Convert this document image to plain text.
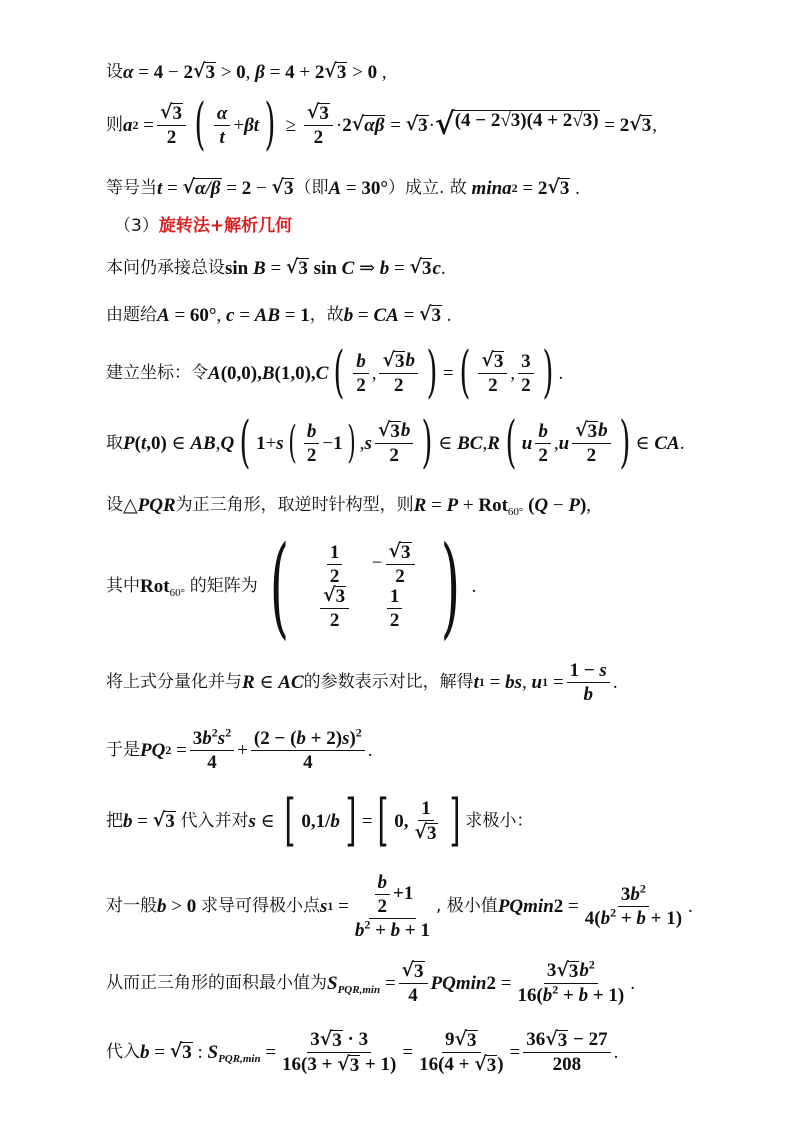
设 α = 4 − 2 √ 3 > 0 , β = 4 + 2 √ 3 > 0 ,
则 a $2 = \frac{√ 3}{2}$ ( $\frac{\alpha}{t} + \beta t$ ) ≥ $\frac{√ 3}{2} \cdot 2$ √ αβ = √ 3 · √ (4 − 2√3)(4 + 2√3) = 2 √ 3 ,
等号当 t = √ α/β = 2 − √ 3 （即 A = 30° ）成立. 故
mina 2 = 2 √ 3 .
（3） 旋转法+解析几何
本问仍承接总设 sin
B = √ 3
sin
C ⇒ b = √ 3 c .
由题给 A = 60° , c = AB = 1 ，故 b = CA = √ 3 .
建立坐标：令 A (0,0), B (1,0), C ( $\frac{b}{2}$ , $\frac{√ 3 b}{2}$ ) = ( $\frac{√ 3}{2}$ , $\frac{3}{2}$ ) .
取 P ( t ,0) ∈ AB , Q ( 1 + s ( $\frac{b}{2} - 1$ ) , s $\frac{√ 3 b}{2}$ ) ∈ BC , R ( u $\frac{b}{2}$ , u $\frac{√ 3 b}{2}$ ) ∈ CA .
设 △ PQR 为正三角形，取逆时针构型，则 R = P + Rot 60°
( Q − P ) ,
其中 Rot 60°
的矩阵为 ( $\frac{1}{2} - \frac{√ 3}{2}$
$\frac{√ 3}{2} \frac{1}{2}$ ) .
将上式分量化并与 R ∈ AC 的参数表示对比，解得 t 1 = bs , u $1 = \frac{1 - s}{b}$ .
于是 PQ $2 = \frac{3b^2s^2}{4} + \frac{(2 - (b + 2)s)^2}{4}$ .
把 b = √ 3
代入并对 s ∈ [ 0,1/ b ] = [ 0, $\frac{1}{√ 3}$ ] 求极小：
对一般 b > 0
求导可得极小点 s $1 = \frac{\frac{b}{2} +1}{b^2 + b + 1}$ , 极小值 PQmin $2 = \frac{3b^2}{4(b^2 + b + 1)}$ .
从而正三角形的面积最小值为 S $PQR,\min = \frac{√ 3}{4}$ PQmin $2 = \frac{3 √ 3 b^2}{16(b^2 + b + 1)}$ .
代入 b = √ 3 : S $PQR,\min = \frac{3 √ 3 \cdot 3}{16(3 + √ 3 + 1)} = \frac{9 √ 3}{16(4 + √ 3 )} = \frac{36 √ 3 - 27}{208}$ .
